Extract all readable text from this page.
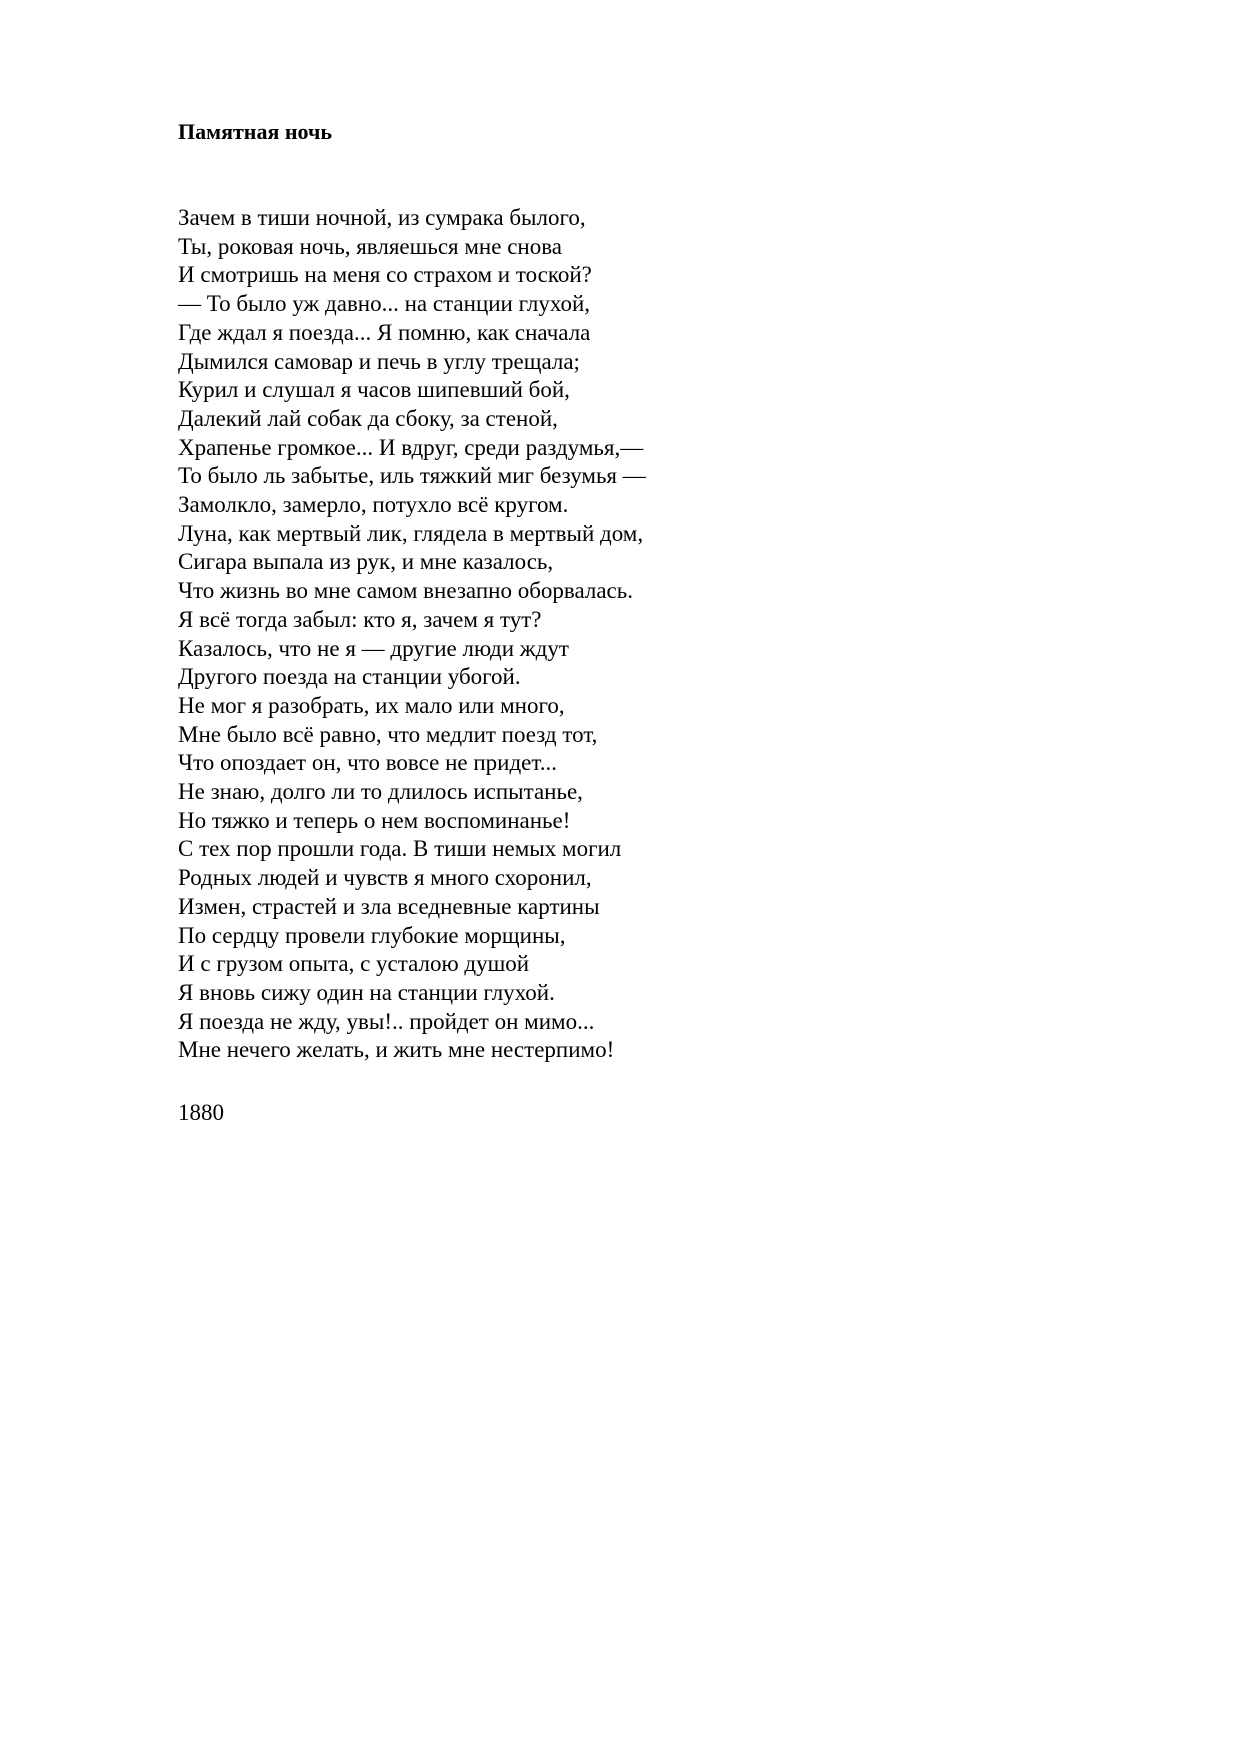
Памятная ночь
Зачем в тиши ночной, из сумрака былого,
Ты, роковая ночь, являешься мне снова
И смотришь на меня со страхом и тоской?
— То было уж давно... на станции глухой,
Где ждал я поезда... Я помню, как сначала
Дымился самовар и печь в углу трещала;
Курил и слушал я часов шипевший бой,
Далекий лай собак да сбоку, за стеной,
Храпенье громкое... И вдруг, среди раздумья,—
То было ль забытье, иль тяжкий миг безумья —
Замолкло, замерло, потухло всё кругом.
Луна, как мертвый лик, глядела в мертвый дом,
Сигара выпала из рук, и мне казалось,
Что жизнь во мне самом внезапно оборвалась.
Я всё тогда забыл: кто я, зачем я тут?
Казалось, что не я — другие люди ждут
Другого поезда на станции убогой.
Не мог я разобрать, их мало или много,
Мне было всё равно, что медлит поезд тот,
Что опоздает он, что вовсе не придет...
Не знаю, долго ли то длилось испытанье,
Но тяжко и теперь о нем воспоминанье!
С тех пор прошли года. В тиши немых могил
Родных людей и чувств я много схоронил,
Измен, страстей и зла вседневные картины
По сердцу провели глубокие морщины,
И с грузом опыта, с усталою душой
Я вновь сижу один на станции глухой.
Я поезда не жду, увы!.. пройдет он мимо...
Мне нечего желать, и жить мне нестерпимо!

1880
